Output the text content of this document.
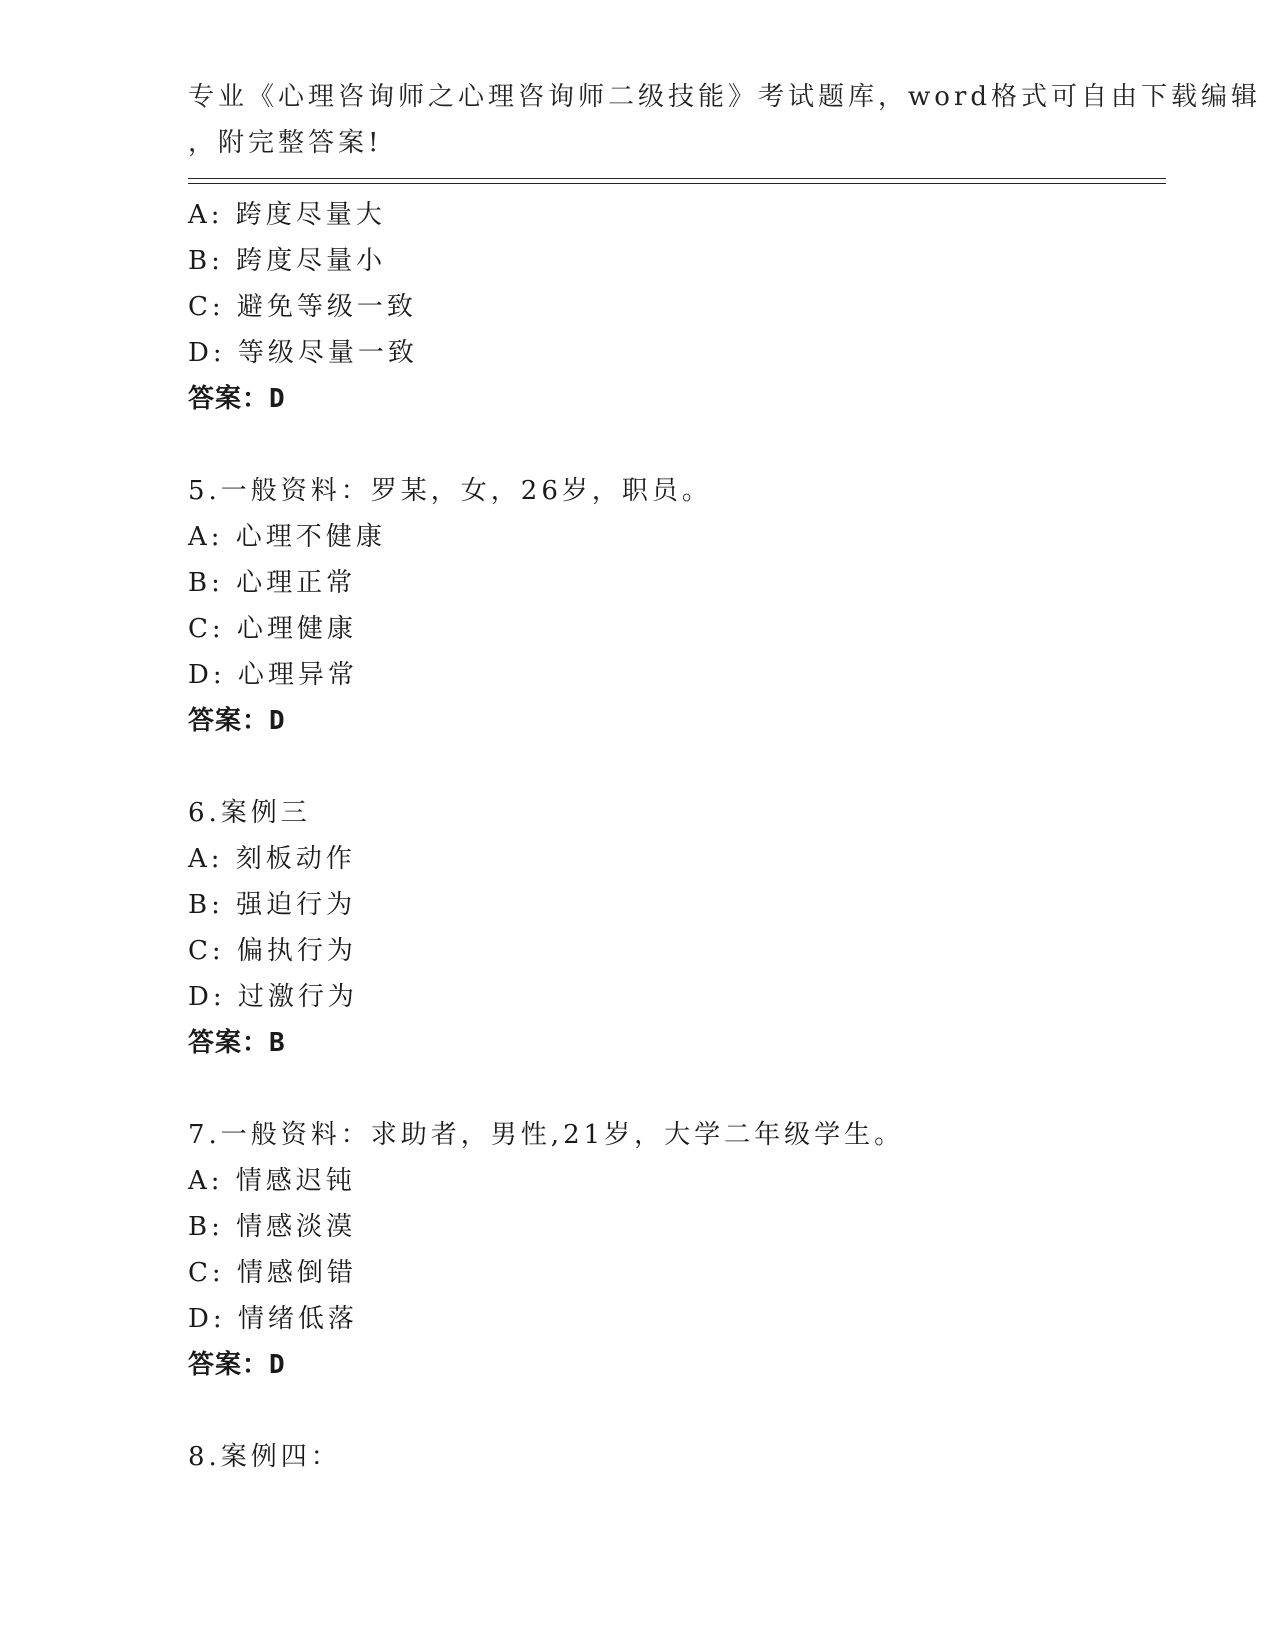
专业《心理咨询师之心理咨询师二级技能》考试题库，word格式可自由下载编辑
，附完整答案!
A: 跨度尽量大
B: 跨度尽量小
C: 避免等级一致
D: 等级尽量一致
答案：D
5.一般资料：罗某，女，26岁，职员。
A: 心理不健康
B: 心理正常
C: 心理健康
D: 心理异常
答案：D
6.案例三
A: 刻板动作
B: 强迫行为
C: 偏执行为
D: 过激行为
答案：B
7.一般资料：求助者，男性,21岁，大学二年级学生。
A: 情感迟钝
B: 情感淡漠
C: 情感倒错
D: 情绪低落
答案：D
8.案例四：
